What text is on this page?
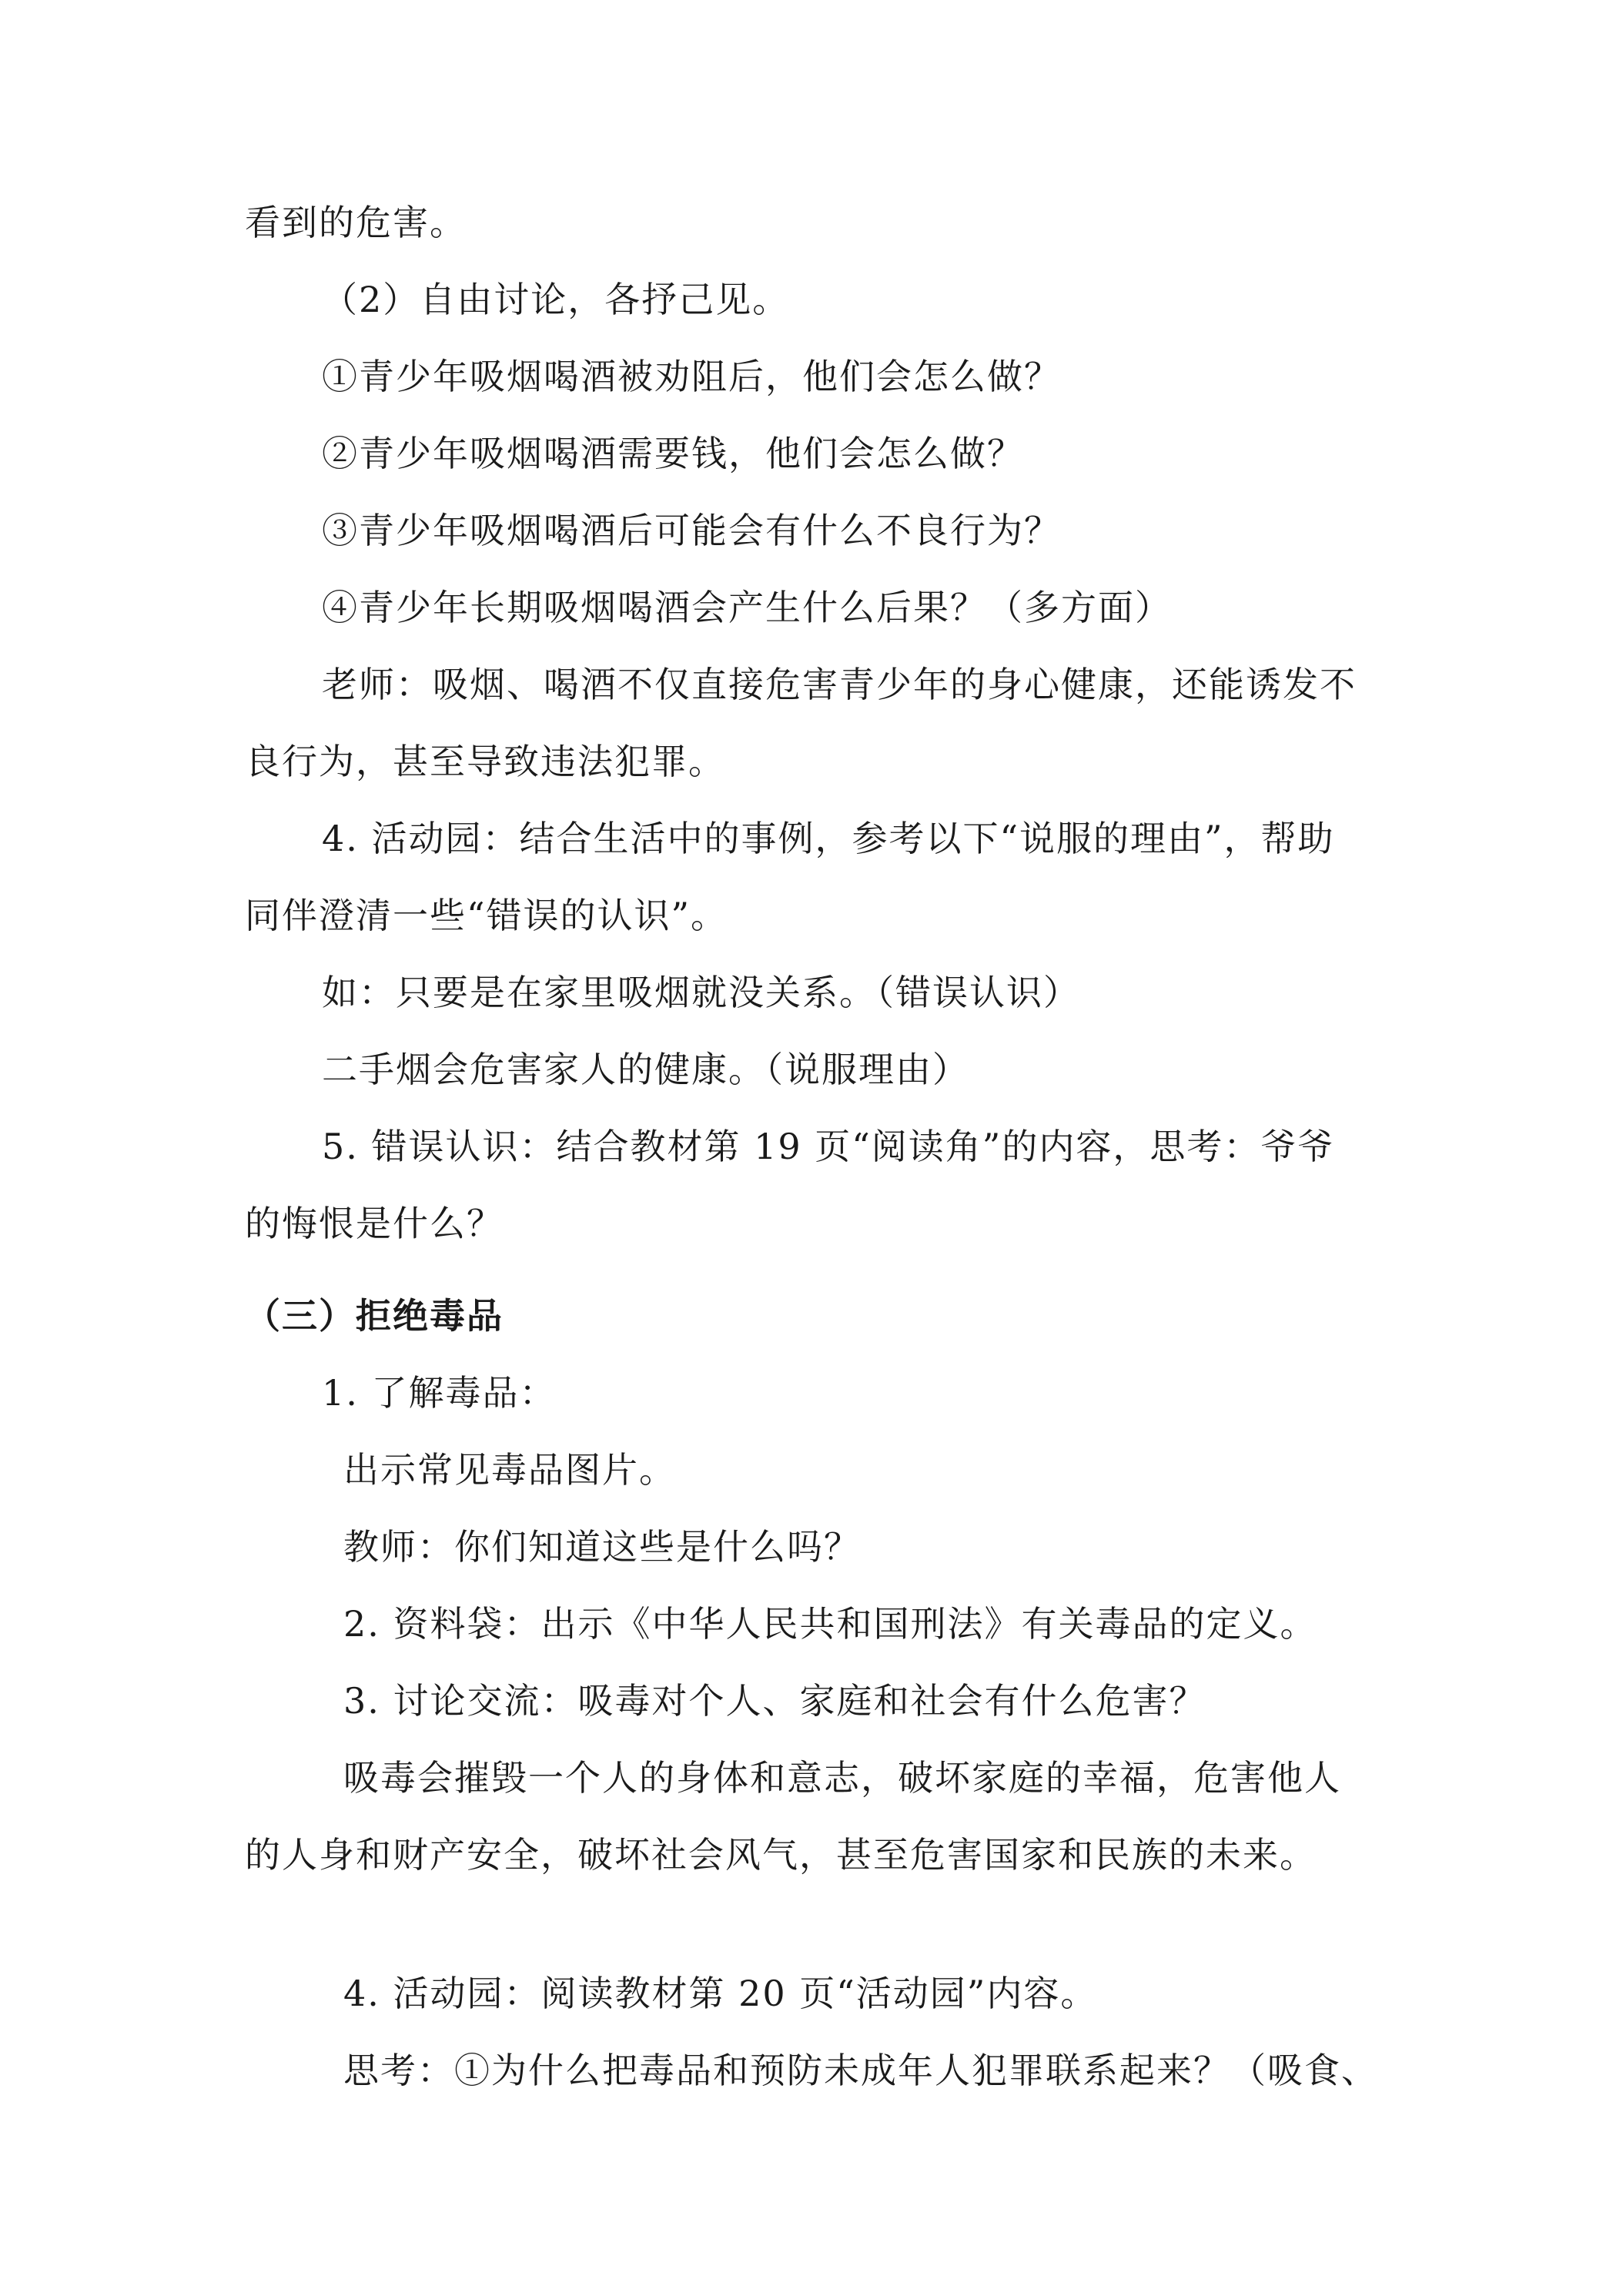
看到的危害。
（2）自由讨论，各抒己见。
①青少年吸烟喝酒被劝阻后，他们会怎么做？
②青少年吸烟喝酒需要钱，他们会怎么做？
③青少年吸烟喝酒后可能会有什么不良行为？
④青少年长期吸烟喝酒会产生什么后果？（多方面）
老师：吸烟、喝酒不仅直接危害青少年的身心健康，还能诱发不
良行为，甚至导致违法犯罪。
4. 活动园：结合生活中的事例，参考以下“说服的理由”，帮助
同伴澄清一些“错误的认识”。
如：只要是在家里吸烟就没关系。（错误认识）
二手烟会危害家人的健康。（说服理由）
5. 错误认识：结合教材第 19 页“阅读角”的内容，思考：爷爷
的悔恨是什么？
（三）拒绝毒品
1. 了解毒品：
出示常见毒品图片。
教师：你们知道这些是什么吗？
2. 资料袋：出示《中华人民共和国刑法》有关毒品的定义。
3. 讨论交流：吸毒对个人、家庭和社会有什么危害？
吸毒会摧毁一个人的身体和意志，破坏家庭的幸福，危害他人
的人身和财产安全，破坏社会风气，甚至危害国家和民族的未来。
4. 活动园：阅读教材第 20 页“活动园”内容。
思考：①为什么把毒品和预防未成年人犯罪联系起来？（吸食、
